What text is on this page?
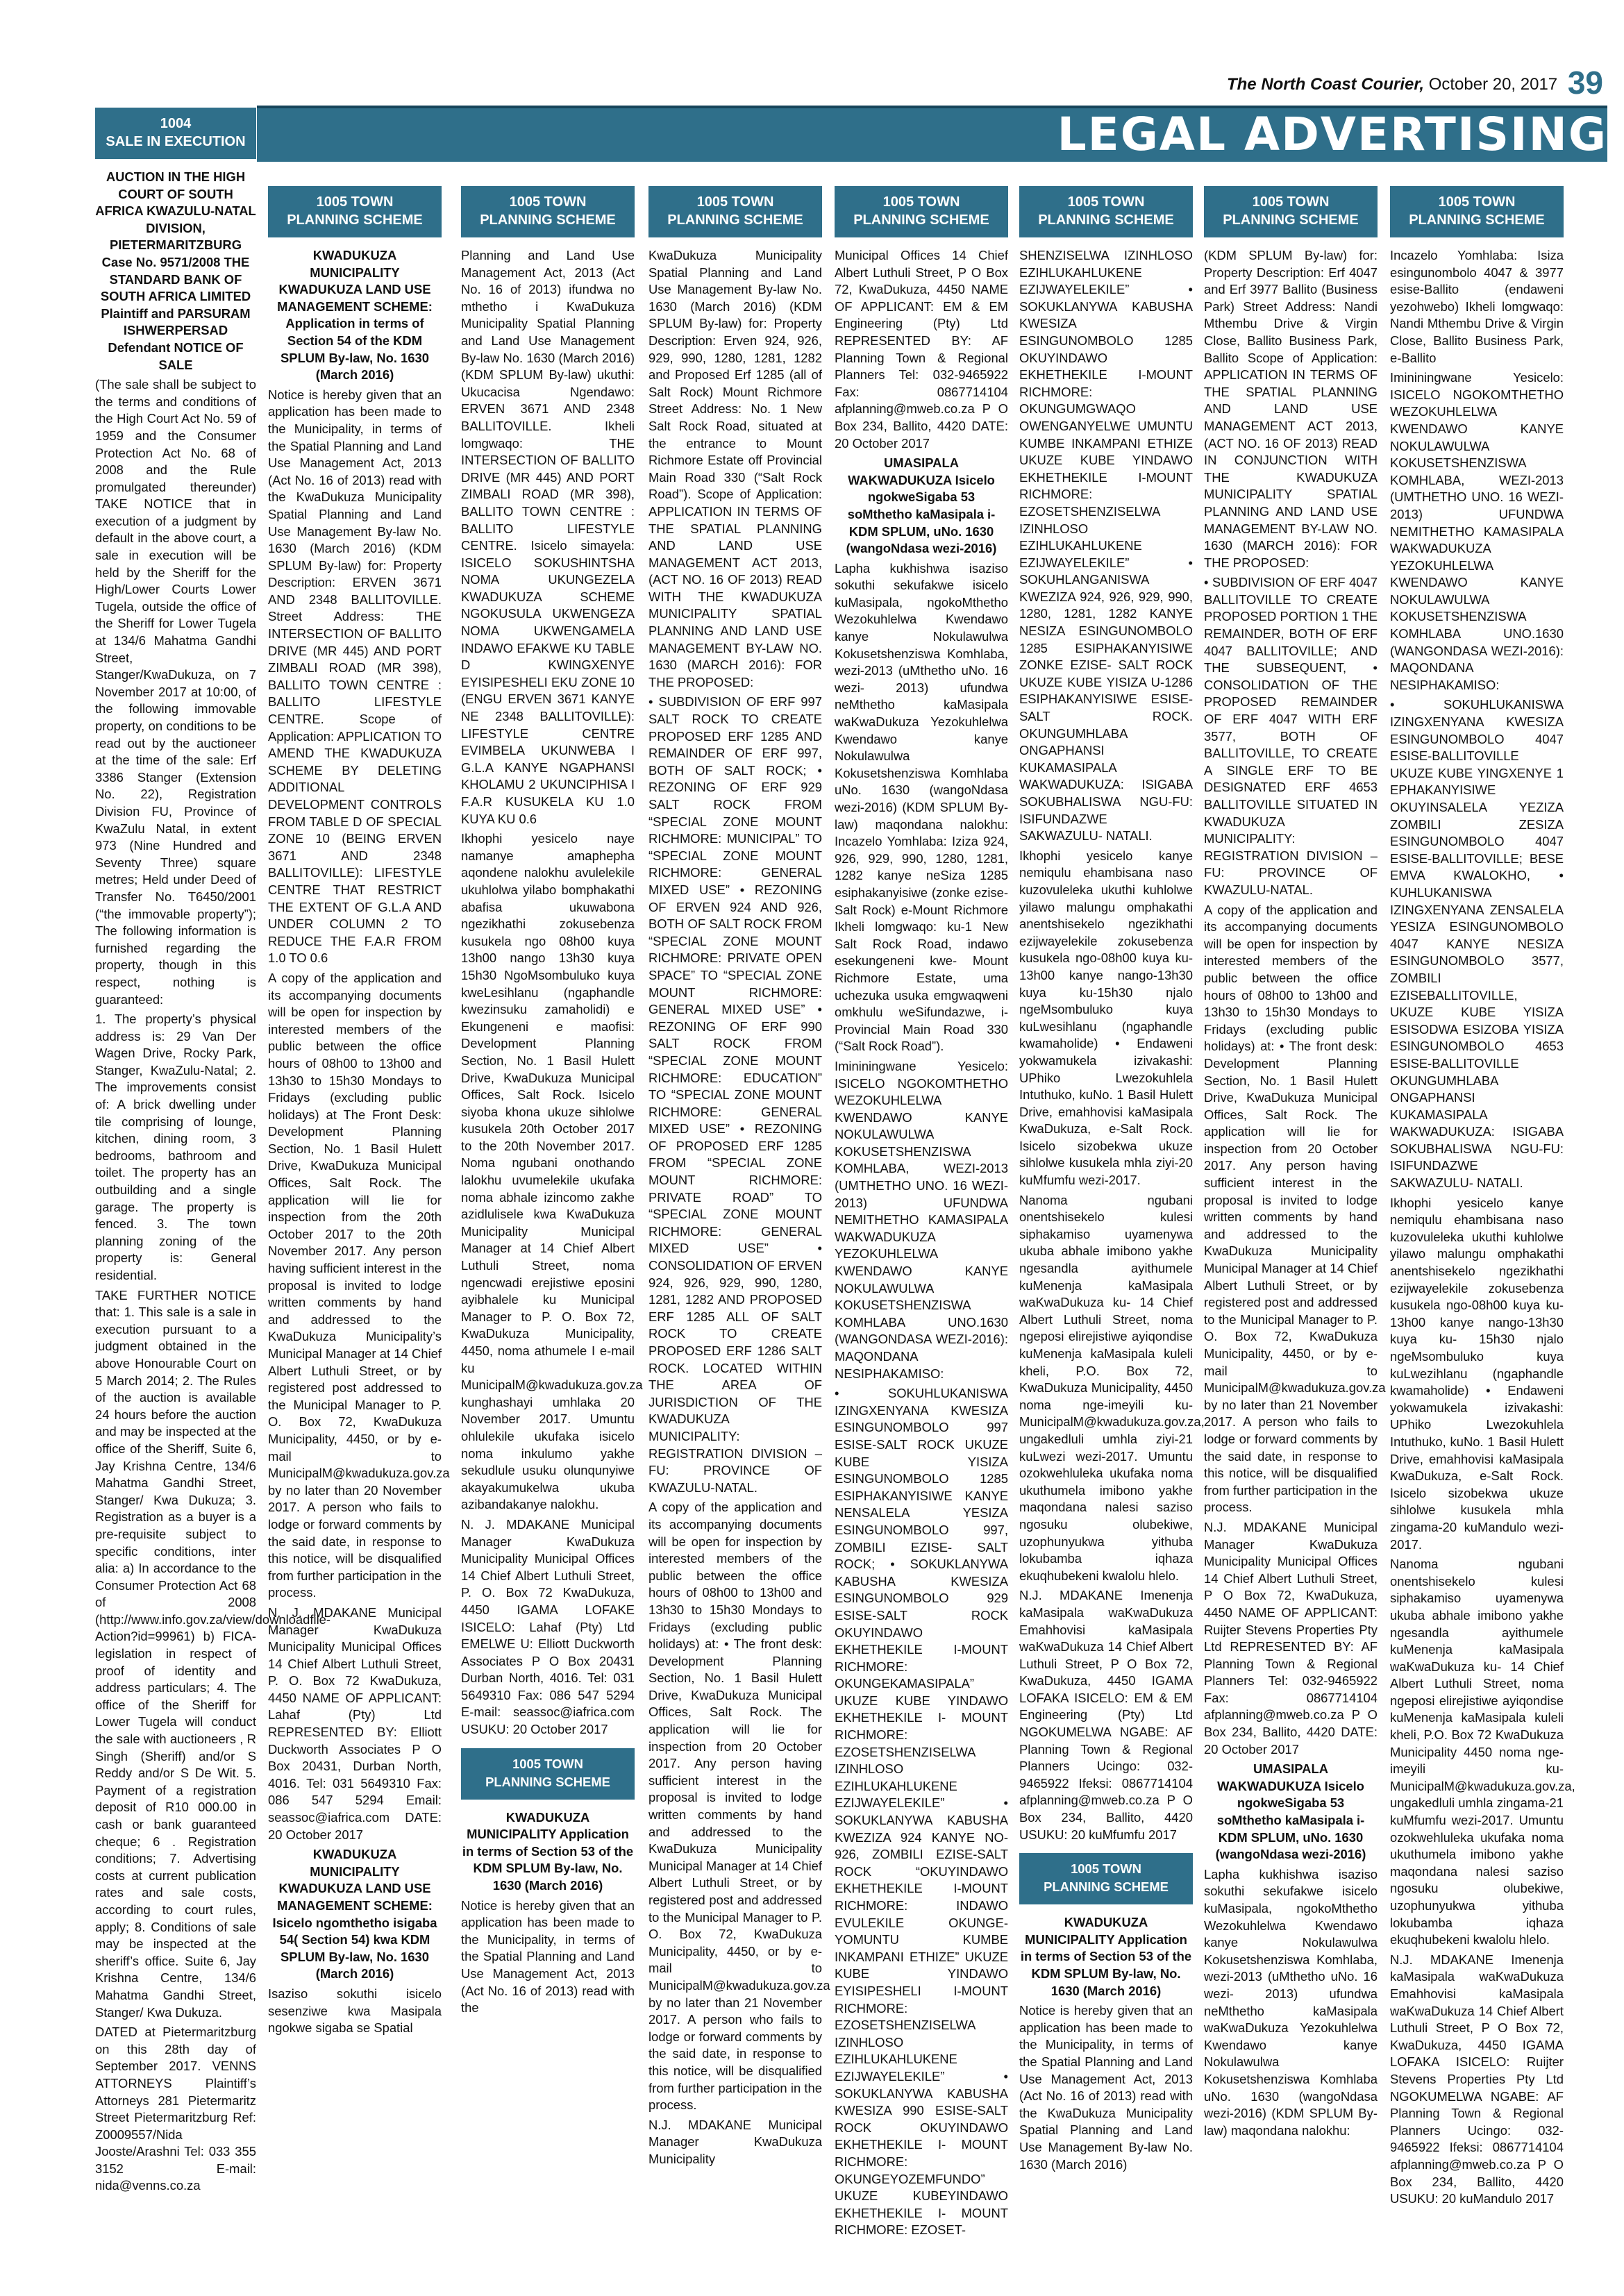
The North Coast Courier, October 20, 2017 39
LEGAL ADVERTISING
1004
SALE IN EXECUTION

AUCTION IN THE HIGH COURT OF SOUTH AFRICA KWAZULU-NATAL DIVISION, PIETERMARITZBURG Case No. 9571/2008 THE STANDARD BANK OF SOUTH AFRICA LIMITED Plaintiff and PARSURAM ISHWERPERSAD Defendant NOTICE OF SALE

(The sale shall be subject to the terms and conditions of the High Court Act No. 59 of 1959 and the Consumer Protection Act No. 68 of 2008 and the Rule promulgated thereunder) TAKE NOTICE that in execution of a judgment by default in the above court, a sale in execution will be held by the Sheriff for the High/Lower Courts Lower Tugela, outside the office of the Sheriff for Lower Tugela at 134/6 Mahatma Gandhi Street, Stanger/KwaDukuza, on 7 November 2017 at 10:00, of the following immovable property, on conditions to be read out by the auctioneer at the time of the sale: Erf 3386 Stanger (Extension No. 22), Registration Division FU, Province of KwaZulu Natal, in extent 973 (Nine Hundred and Seventy Three) square metres; Held under Deed of Transfer No. T6450/2001 (“the immovable property”); The following information is furnished regarding the property, though in this respect, nothing is guaranteed:

1. The property’s physical address is: 29 Van Der Wagen Drive, Rocky Park, Stanger, KwaZulu-Natal; 2. The improvements consist of: A brick dwelling under tile comprising of lounge, kitchen, dining room, 3 bedrooms, bathroom and toilet. The property has an outbuilding and a single garage. The property is fenced. 3. The town planning zoning of the property is: General residential.

TAKE FURTHER NOTICE that: 1. This sale is a sale in execution pursuant to a judgment obtained in the above Honourable Court on 5 March 2014; 2. The Rules of the auction is available 24 hours before the auction and may be inspected at the office of the Sheriff, Suite 6, Jay Krishna Centre, 134/6 Mahatma Gandhi Street, Stanger/ Kwa Dukuza; 3. Registration as a buyer is a pre-requisite subject to specific conditions, inter alia: a) In accordance to the Consumer Protection Act 68 of 2008 (http://www.info.gov.za/view/downloadfile-Action?id=99961) b) FICA-legislation in respect of proof of identity and address particulars; 4. The office of the Sheriff for Lower Tugela will conduct the sale with auctioneers , R Singh (Sheriff) and/or S Reddy and/or S De Wit. 5. Payment of a registration deposit of R10 000.00 in cash or bank guaranteed cheque; 6 . Registration conditions; 7. Advertising costs at current publication rates and sale costs, according to court rules, apply; 8. Conditions of sale may be inspected at the sheriff’s office. Suite 6, Jay Krishna Centre, 134/6 Mahatma Gandhi Street, Stanger/ Kwa Dukuza.

DATED at Pietermaritzburg on this 28th day of September 2017. VENNS ATTORNEYS Plaintiff’s Attorneys 281 Pietermaritz Street Pietermaritzburg Ref: Z0009557/Nida Jooste/Arashni Tel: 033 355 3152 E-mail: nida@venns.co.za

1005 TOWN
PLANNING SCHEME

KWADUKUZA MUNICIPALITY KWADUKUZA LAND USE MANAGEMENT SCHEME: Application in terms of Section 54 of the KDM SPLUM By-law, No. 1630 (March 2016)

Notice is hereby given that an application has been made to the Municipality, in terms of the Spatial Planning and Land Use Management Act, 2013 (Act No. 16 of 2013) read with the KwaDukuza Municipality Spatial Planning and Land Use Management By-law No. 1630 (March 2016) (KDM SPLUM By-law) for: Property Description: ERVEN 3671 AND 2348 BALLITOVILLE. Street Address: THE INTERSECTION OF BALLITO DRIVE (MR 445) AND PORT ZIMBALI ROAD (MR 398), BALLITO TOWN CENTRE : BALLITO LIFESTYLE CENTRE. Scope of Application: APPLICATION TO AMEND THE KWADUKUZA SCHEME BY DELETING ADDITIONAL DEVELOPMENT CONTROLS FROM TABLE D OF SPECIAL ZONE 10 (BEING ERVEN 3671 AND 2348 BALLITOVILLE): LIFESTYLE CENTRE THAT RESTRICT THE EXTENT OF G.L.A AND UNDER COLUMN 2 TO REDUCE THE F.A.R FROM 1.0 TO 0.6

A copy of the application and its accompanying documents will be open for inspection by interested members of the public between the office hours of 08h00 to 13h00 and 13h30 to 15h30 Mondays to Fridays (excluding public holidays) at The Front Desk: Development Planning Section, No. 1 Basil Hulett Drive, KwaDukuza Municipal Offices, Salt Rock. The application will lie for inspection from the 20th October 2017 to the 20th November 2017. Any person having sufficient interest in the proposal is invited to lodge written comments by hand and addressed to the KwaDukuza Municipality’s Municipal Manager at 14 Chief Albert Luthuli Street, or by registered post addressed to the Municipal Manager to P. O. Box 72, KwaDukuza Municipality, 4450, or by e-mail to MunicipalM@kwadukuza.gov.za by no later than 20 November 2017. A person who fails to lodge or forward comments by the said date, in response to this notice, will be disqualified from further participation in the process.

N. J. MDAKANE Municipal Manager KwaDukuza Municipality Municipal Offices 14 Chief Albert Luthuli Street, P. O. Box 72 KwaDukuza, 4450 NAME OF APPLICANT: Lahaf (Pty) Ltd REPRESENTED BY: Elliott Duckworth Associates P O Box 20431, Durban North, 4016. Tel: 031 5649310 Fax: 086 547 5294 Email: seassoc@iafrica.com DATE: 20 October 2017

KWADUKUZA MUNICIPALITY KWADUKUZA LAND USE MANAGEMENT SCHEME: Isicelo ngomthetho isigaba 54( Section 54) kwa KDM SPLUM By-law, No. 1630 (March 2016)

Isaziso sokuthi isicelo sesenziwe kwa Masipala ngokwe sigaba se Spatial

1005 TOWN
PLANNING SCHEME

Planning and Land Use Management Act, 2013 (Act No. 16 of 2013) ifundwa no mthetho i KwaDukuza Municipality Spatial Planning and Land Use Management By-law No. 1630 (March 2016) (KDM SPLUM By-law) ukuthi: Ukucacisa Ngendawo: ERVEN 3671 AND 2348 BALLITOVILLE. Ikheli lomgwaqo: THE INTERSECTION OF BALLITO DRIVE (MR 445) AND PORT ZIMBALI ROAD (MR 398), BALLITO TOWN CENTRE : BALLITO LIFESTYLE CENTRE. Isicelo simayela: ISICELO SOKUSHINTSHA NOMA UKUNGEZELA KWADUKUZA SCHEME NGOKUSULA UKWENGEZA NOMA UKWENGAMELA INDAWO EFAKWE KU TABLE D KWINGXENYE EYISIPESHELI EKU ZONE 10 (ENGU ERVEN 3671 KANYE NE 2348 BALLITOVILLE): LIFESTYLE CENTRE EVIMBELA UKUNWEBA I G.L.A KANYE NGAPHANSI KHOLAMU 2 UKUNCIPHISA I F.A.R KUSUKELA KU 1.0 KUYA KU 0.6

Ikhophi yesicelo naye namanye amaphepha aqondene nalokhu avulelekile ukuhlolwa yilabo bomphakathi abafisa ukuwabona ngezikhathi zokusebenza kusukela ngo 08h00 kuya 13h00 nango 13h30 kuya 15h30 NgoMsombuluko kuya kweLesihlanu (ngaphandle kwezinsuku zamaholidi) e Ekungeneni e maofisi: Development Planning Section, No. 1 Basil Hulett Drive, KwaDukuza Municipal Offices, Salt Rock. Isicelo siyoba khona ukuze sihlolwe kusukela 20th October 2017 to the 20th November 2017. Noma ngubani onothando lalokhu uvumelekile ukufaka noma abhale izincomo zakhe azidlulisele kwa KwaDukuza Municipality Municipal Manager at 14 Chief Albert Luthuli Street, noma ngencwadi erejistiwe eposini ayibhalele ku Municipal Manager to P. O. Box 72, KwaDukuza Municipality, 4450, noma athumele I e-mail ku MunicipalM@kwadukuza.gov.za kunghashayi umhlaka 20 November 2017. Umuntu ohlulekile ukufaka isicelo noma inkulumo yakhe sekudlule usuku olunqunyiwe akayakumukelwa ukuba azibandakanye nalokhu.

N. J. MDAKANE Municipal Manager KwaDukuza Municipality Municipal Offices 14 Chief Albert Luthuli Street, P. O. Box 72 KwaDukuza, 4450 IGAMA LOFAKE ISICELO: Lahaf (Pty) Ltd EMELWE U: Elliott Duckworth Associates P O Box 20431 Durban North, 4016. Tel: 031 5649310 Fax: 086 547 5294 E-mail: seassoc@iafrica.com USUKU: 20 October 2017

1005 TOWN
PLANNING SCHEME

KWADUKUZA MUNICIPALITY Application in terms of Section 53 of the KDM SPLUM By-law, No. 1630 (March 2016)

Notice is hereby given that an application has been made to the Municipality, in terms of the Spatial Planning and Land Use Management Act, 2013 (Act No. 16 of 2013) read with the

1005 TOWN
PLANNING SCHEME

KwaDukuza Municipality Spatial Planning and Land Use Management By-law No. 1630 (March 2016) (KDM SPLUM By-law) for: Property Description: Erven 924, 926, 929, 990, 1280, 1281, 1282 and Proposed Erf 1285 (all of Salt Rock) Mount Richmore Street Address: No. 1 New Salt Rock Road, situated at the entrance to Mount Richmore Estate off Provincial Main Road 330 (“Salt Rock Road”). Scope of Application: APPLICATION IN TERMS OF THE SPATIAL PLANNING AND LAND USE MANAGEMENT ACT 2013, (ACT NO. 16 OF 2013) READ WITH THE KWADUKUZA MUNICIPALITY SPATIAL PLANNING AND LAND USE MANAGEMENT BY-LAW NO. 1630 (MARCH 2016): FOR THE PROPOSED:

• SUBDIVISION OF ERF 997 SALT ROCK TO CREATE PROPOSED ERF 1285 AND REMAINDER OF ERF 997, BOTH OF SALT ROCK; • REZONING OF ERF 929 SALT ROCK FROM “SPECIAL ZONE MOUNT RICHMORE: MUNICIPAL” TO “SPECIAL ZONE MOUNT RICHMORE: GENERAL MIXED USE” • REZONING OF ERVEN 924 AND 926, BOTH OF SALT ROCK FROM “SPECIAL ZONE MOUNT RICHMORE: PRIVATE OPEN SPACE” TO “SPECIAL ZONE MOUNT RICHMORE: GENERAL MIXED USE” • REZONING OF ERF 990 SALT ROCK FROM “SPECIAL ZONE MOUNT RICHMORE: EDUCATION” TO “SPECIAL ZONE MOUNT RICHMORE: GENERAL MIXED USE” • REZONING OF PROPOSED ERF 1285 FROM “SPECIAL ZONE MOUNT RICHMORE: PRIVATE ROAD” TO “SPECIAL ZONE MOUNT RICHMORE: GENERAL MIXED USE” • CONSOLIDATION OF ERVEN 924, 926, 929, 990, 1280, 1281, 1282 AND PROPOSED ERF 1285 ALL OF SALT ROCK TO CREATE PROPOSED ERF 1286 SALT ROCK. LOCATED WITHIN THE AREA OF JURISDICTION OF THE KWADUKUZA MUNICIPALITY: REGISTRATION DIVISION – FU: PROVINCE OF KWAZULU-NATAL.

A copy of the application and its accompanying documents will be open for inspection by interested members of the public between the office hours of 08h00 to 13h00 and 13h30 to 15h30 Mondays to Fridays (excluding public holidays) at: • The front desk: Development Planning Section, No. 1 Basil Hulett Drive, KwaDukuza Municipal Offices, Salt Rock. The application will lie for inspection from 20 October 2017. Any person having sufficient interest in the proposal is invited to lodge written comments by hand and addressed to the KwaDukuza Municipality Municipal Manager at 14 Chief Albert Luthuli Street, or by registered post and addressed to the Municipal Manager to P. O. Box 72, KwaDukuza Municipality, 4450, or by e-mail to MunicipalM@kwadukuza.gov.za by no later than 21 November 2017. A person who fails to lodge or forward comments by the said date, in response to this notice, will be disqualified from further participation in the process.

N.J. MDAKANE Municipal Manager KwaDukuza Municipality

1005 TOWN
PLANNING SCHEME

Municipal Offices 14 Chief Albert Luthuli Street, P O Box 72, KwaDukuza, 4450 NAME OF APPLICANT: EM & EM Engineering (Pty) Ltd REPRESENTED BY: AF Planning Town & Regional Planners Tel: 032-9465922 Fax: 0867714104 afplanning@mweb.co.za P O Box 234, Ballito, 4420 DATE: 20 October 2017

UMASIPALA WAKWADUKUZA Isicelo ngokweSigaba 53 soMthetho kaMasipala i-KDM SPLUM, uNo. 1630 (wangoNdasa wezi-2016)

Lapha kukhishwa isaziso sokuthi sekufakwe isicelo kuMasipala, ngokoMthetho Wezokuhlelwa Kwendawo kanye Nokulawulwa Kokusetshenziswa Komhlaba, wezi-2013 (uMthetho uNo. 16 wezi- 2013) ufundwa neMthetho kaMasipala waKwaDukuza Yezokuhlelwa Kwendawo kanye Nokulawulwa Kokusetshenziswa Komhlaba uNo. 1630 (wangoNdasa wezi-2016) (KDM SPLUM By-law) maqondana nalokhu: Incazelo Yomhlaba: Iziza 924, 926, 929, 990, 1280, 1281, 1282 kanye neSiza 1285 esiphakanyisiwe (zonke ezise-Salt Rock) e-Mount Richmore Ikheli lomgwaqo: ku-1 New Salt Rock Road, indawo esekungeneni kwe- Mount Richmore Estate, uma uchezuka usuka emgwaqweni omkhulu weSifundazwe, i- Provincial Main Road 330 (“Salt Rock Road”).

Imininingwane Yesicelo: ISICELO NGOKOMTHETHO WEZOKUHLELWA KWENDAWO KANYE NOKULAWULWA KOKUSETSHENZISWA KOMHLABA, WEZI-2013 (UMTHETHO UNO. 16 WEZI- 2013) UFUNDWA NEMITHETHO KAMASIPALA WAKWADUKUZA YEZOKUHLELWA KWENDAWO KANYE NOKULAWULWA KOKUSETSHENZISWA KOMHLABA UNO.1630 (WANGONDASA WEZI-2016): MAQONDANA NESIPHAKAMISO:

• SOKUHLUKANISWA IZINGXENYANA KWESIZA ESINGUNOMBOLO 997 ESISE-SALT ROCK UKUZE KUBE YISIZA ESINGUNOMBOLO 1285 ESIPHAKANYISIWE KANYE NENSALELA YESIZA ESINGUNOMBOLO 997, ZOMBILI EZISE- SALT ROCK; • SOKUKLANYWA KABUSHA KWESIZA ESINGUNOMBOLO 929 ESISE-SALT ROCK OKUYINDAWO EKHETHEKILE I-MOUNT RICHMORE: OKUNGEKAMASIPALA” UKUZE KUBE YINDAWO EKHETHEKILE I- MOUNT RICHMORE: EZOSETSHENZISELWA IZINHLOSO EZIHLUKAHLUKENE EZIJWAYELEKILE” • SOKUKLANYWA KABUSHA KWEZIZA 924 KANYE NO-926, ZOMBILI EZISE-SALT ROCK “OKUYINDAWO EKHETHEKILE I-MOUNT RICHMORE: INDAWO EVULEKILE OKUNGE-YOMUNTU KUMBE INKAMPANI ETHIZE” UKUZE KUBE YINDAWO EYISIPESHELI I-MOUNT RICHMORE: EZOSETSHENZISELWA IZINHLOSO EZIHLUKAHLUKENE EZIJWAYELEKILE” • SOKUKLANYWA KABUSHA KWESIZA 990 ESISE-SALT ROCK OKUYINDAWO EKHETHEKILE I- MOUNT RICHMORE: OKUNGEYOZEMFUNDO” UKUZE KUBEYINDAWO EKHETHEKILE I- MOUNT RICHMORE: EZOSET-

1005 TOWN
PLANNING SCHEME

SHENZISELWA IZINHLOSO EZIHLUKAHLUKENE EZIJWAYELEKILE” • SOKUKLANYWA KABUSHA KWESIZA ESINGUNOMBOLO 1285 OKUYINDAWO EKHETHEKILE I-MOUNT RICHMORE: OKUNGUMGWAQO OWENGANYELWE UMUNTU KUMBE INKAMPANI ETHIZE UKUZE KUBE YINDAWO EKHETHEKILE I-MOUNT RICHMORE: EZOSETSHENZISELWA IZINHLOSO EZIHLUKAHLUKENE EZIJWAYELEKILE” • SOKUHLANGANISWA KWEZIZA 924, 926, 929, 990, 1280, 1281, 1282 KANYE NESIZA ESINGUNOMBOLO 1285 ESIPHAKANYISIWE ZONKE EZISE- SALT ROCK UKUZE KUBE YISIZA U-1286 ESIPHAKANYISIWE ESISE-SALT ROCK. OKUNGUMHLABA ONGAPHANSI KUKAMASIPALA WAKWADUKUZA: ISIGABA SOKUBHALISWA NGU-FU: ISIFUNDAZWE SAKWAZULU- NATALI.

Ikhophi yesicelo kanye nemiqulu ehambisana naso kuzovuleleka ukuthi kuhlolwe yilawo malungu omphakathi anentshisekelo ngezikhathi ezijwayelekile zokusebenza kusukela ngo-08h00 kuya ku-13h00 kanye nango-13h30 kuya ku-15h30 njalo ngeMsombuluko kuya kuLwesihlanu (ngaphandle kwamaholide) • Endaweni yokwamukela izivakashi: UPhiko Lwezokuhlela Intuthuko, kuNo. 1 Basil Hulett Drive, emahhovisi kaMasipala KwaDukuza, e-Salt Rock. Isicelo sizobekwa ukuze sihlolwe kusukela mhla ziyi-20 kuMfumfu wezi-2017.

Nanoma ngubani onentshisekelo kulesi siphakamiso uyamenywa ukuba abhale imibono yakhe ngesandla ayithumele kuMenenja kaMasipala waKwaDukuza ku- 14 Chief Albert Luthuli Street, noma ngeposi elirejistiwe ayiqondise kuMenenja kaMasipala kuleli kheli, P.O. Box 72, KwaDukuza Municipality, 4450 noma nge-imeyili ku-MunicipalM@kwadukuza.gov.za, ungakedluli umhla ziyi-21 kuLwezi wezi-2017. Umuntu ozokwehluleka ukufaka noma ukuthumela imibono yakhe maqondana nalesi saziso ngosuku olubekiwe, uzophunyukwa yithuba lokubamba iqhaza ekuqhubekeni kwalolu hlelo.

N.J. MDAKANE Imenenja kaMasipala waKwaDukuza Emahhovisi kaMasipala waKwaDukuza 14 Chief Albert Luthuli Street, P O Box 72, KwaDukuza, 4450 IGAMA LOFAKA ISICELO: EM & EM Engineering (Pty) Ltd NGOKUMELWA NGABE: AF Planning Town & Regional Planners Ucingo: 032-9465922 Ifeksi: 0867714104 afplanning@mweb.co.za P O Box 234, Ballito, 4420 USUKU: 20 kuMfumfu 2017

1005 TOWN
PLANNING SCHEME

KWADUKUZA MUNICIPALITY Application in terms of Section 53 of the KDM SPLUM By-law, No. 1630 (March 2016)

Notice is hereby given that an application has been made to the Municipality, in terms of the Spatial Planning and Land Use Management Act, 2013 (Act No. 16 of 2013) read with the KwaDukuza Municipality Spatial Planning and Land Use Management By-law No. 1630 (March 2016)

1005 TOWN
PLANNING SCHEME

(KDM SPLUM By-law) for: Property Description: Erf 4047 and Erf 3977 Ballito (Business Park) Street Address: Nandi Mthembu Drive & Virgin Close, Ballito Business Park, Ballito Scope of Application: APPLICATION IN TERMS OF THE SPATIAL PLANNING AND LAND USE MANAGEMENT ACT 2013, (ACT NO. 16 OF 2013) READ IN CONJUNCTION WITH THE KWADUKUZA MUNICIPALITY SPATIAL PLANNING AND LAND USE MANAGEMENT BY-LAW NO. 1630 (MARCH 2016): FOR THE PROPOSED:

• SUBDIVISION OF ERF 4047 BALLITOVILLE TO CREATE PROPOSED PORTION 1 THE REMAINDER, BOTH OF ERF 4047 BALLITOVILLE; AND THE SUBSEQUENT, • CONSOLIDATION OF THE PROPOSED REMAINDER OF ERF 4047 WITH ERF 3577, BOTH OF BALLITOVILLE, TO CREATE A SINGLE ERF TO BE DESIGNATED ERF 4653 BALLITOVILLE SITUATED IN KWADUKUZA MUNICIPALITY: REGISTRATION DIVISION – FU: PROVINCE OF KWAZULU-NATAL.

A copy of the application and its accompanying documents will be open for inspection by interested members of the public between the office hours of 08h00 to 13h00 and 13h30 to 15h30 Mondays to Fridays (excluding public holidays) at: • The front desk: Development Planning Section, No. 1 Basil Hulett Drive, KwaDukuza Municipal Offices, Salt Rock. The application will lie for inspection from 20 October 2017. Any person having sufficient interest in the proposal is invited to lodge written comments by hand and addressed to the KwaDukuza Municipality Municipal Manager at 14 Chief Albert Luthuli Street, or by registered post and addressed to the Municipal Manager to P. O. Box 72, KwaDukuza Municipality, 4450, or by e-mail to MunicipalM@kwadukuza.gov.za by no later than 21 November 2017. A person who fails to lodge or forward comments by the said date, in response to this notice, will be disqualified from further participation in the process.

N.J. MDAKANE Municipal Manager KwaDukuza Municipality Municipal Offices 14 Chief Albert Luthuli Street, P O Box 72, KwaDukuza, 4450 NAME OF APPLICANT: Ruijter Stevens Properties Pty Ltd REPRESENTED BY: AF Planning Town & Regional Planners Tel: 032-9465922 Fax: 0867714104 afplanning@mweb.co.za P O Box 234, Ballito, 4420 DATE: 20 October 2017

UMASIPALA WAKWADUKUZA Isicelo ngokweSigaba 53 soMthetho kaMasipala i-KDM SPLUM, uNo. 1630 (wangoNdasa wezi-2016)

Lapha kukhishwa isaziso sokuthi sekufakwe isicelo kuMasipala, ngokoMthetho Wezokuhlelwa Kwendawo kanye Nokulawulwa Kokusetshenziswa Komhlaba, wezi-2013 (uMthetho uNo. 16 wezi- 2013) ufundwa neMthetho kaMasipala waKwaDukuza Yezokuhlelwa Kwendawo kanye Nokulawulwa Kokusetshenziswa Komhlaba uNo. 1630 (wangoNdasa wezi-2016) (KDM SPLUM By-law) maqondana nalokhu:

1005 TOWN
PLANNING SCHEME

Incazelo Yomhlaba: Isiza esingunombolo 4047 & 3977 esise-Ballito (endaweni yezohwebo) Ikheli lomgwaqo: Nandi Mthembu Drive & Virgin Close, Ballito Business Park, e-Ballito

Imininingwane Yesicelo: ISICELO NGOKOMTHETHO WEZOKUHLELWA KWENDAWO KANYE NOKULAWULWA KOKUSETSHENZISWA KOMHLABA, WEZI-2013 (UMTHETHO UNO. 16 WEZI- 2013) UFUNDWA NEMITHETHO KAMASIPALA WAKWADUKUZA YEZOKUHLELWA KWENDAWO KANYE NOKULAWULWA KOKUSETSHENZISWA KOMHLABA UNO.1630 (WANGONDASA WEZI-2016): MAQONDANA NESIPHAKAMISO:

• SOKUHLUKANISWA IZINGXENYANA KWESIZA ESINGUNOMBOLO 4047 ESISE-BALLITOVILLE UKUZE KUBE YINGXENYE 1 EPHAKANYISIWE OKUYINSALELA YEZIZA ZOMBILI ZESIZA ESINGUNOMBOLO 4047 ESISE-BALLITOVILLE; BESE EMVA KWALOKHO, • KUHLUKANISWA IZINGXENYANA ZENSALELA YESIZA ESINGUNOMBOLO 4047 KANYE NESIZA ESINGUNOMBOLO 3577, ZOMBILI EZISEBALLITOVILLE, UKUZE KUBE YISIZA ESISODWA ESIZOBA YISIZA ESINGUNOMBOLO 4653 ESISE-BALLITOVILLE OKUNGUMHLABA ONGAPHANSI KUKAMASIPALA WAKWADUKUZA: ISIGABA SOKUBHALISWA NGU-FU: ISIFUNDAZWE SAKWAZULU- NATALI.

Ikhophi yesicelo kanye nemiqulu ehambisana naso kuzovuleleka ukuthi kuhlolwe yilawo malungu omphakathi anentshisekelo ngezikhathi ezijwayelekile zokusebenza kusukela ngo-08h00 kuya ku-13h00 kanye nango-13h30 kuya ku- 15h30 njalo ngeMsombuluko kuya kuLwezihlanu (ngaphandle kwamaholide) • Endaweni yokwamukela izivakashi: UPhiko Lwezokuhlela Intuthuko, kuNo. 1 Basil Hulett Drive, emahhovisi kaMasipala KwaDukuza, e-Salt Rock. Isicelo sizobekwa ukuze sihlolwe kusukela mhla zingama-20 kuMandulo wezi-2017.

Nanoma ngubani onentshisekelo kulesi siphakamiso uyamenywa ukuba abhale imibono yakhe ngesandla ayithumele kuMenenja kaMasipala waKwaDukuza ku- 14 Chief Albert Luthuli Street, noma ngeposi elirejistiwe ayiqondise kuMenenja kaMasipala kuleli kheli, P.O. Box 72 KwaDukuza Municipality 4450 noma nge-imeyili ku-MunicipalM@kwadukuza.gov.za, ungakedluli umhla zingama-21 kuMfumfu wezi-2017. Umuntu ozokwehluleka ukufaka noma ukuthumela imibono yakhe maqondana nalesi saziso ngosuku olubekiwe, uzophunyukwa yithuba lokubamba iqhaza ekuqhubekeni kwalolu hlelo.

N.J. MDAKANE Imenenja kaMasipala waKwaDukuza Emahhovisi kaMasipala waKwaDukuza 14 Chief Albert Luthuli Street, P O Box 72, KwaDukuza, 4450 IGAMA LOFAKA ISICELO: Ruijter Stevens Properties Pty Ltd NGOKUMELWA NGABE: AF Planning Town & Regional Planners Ucingo: 032-9465922 Ifeksi: 0867714104 afplanning@mweb.co.za P O Box 234, Ballito, 4420 USUKU: 20 kuMandulo 2017
